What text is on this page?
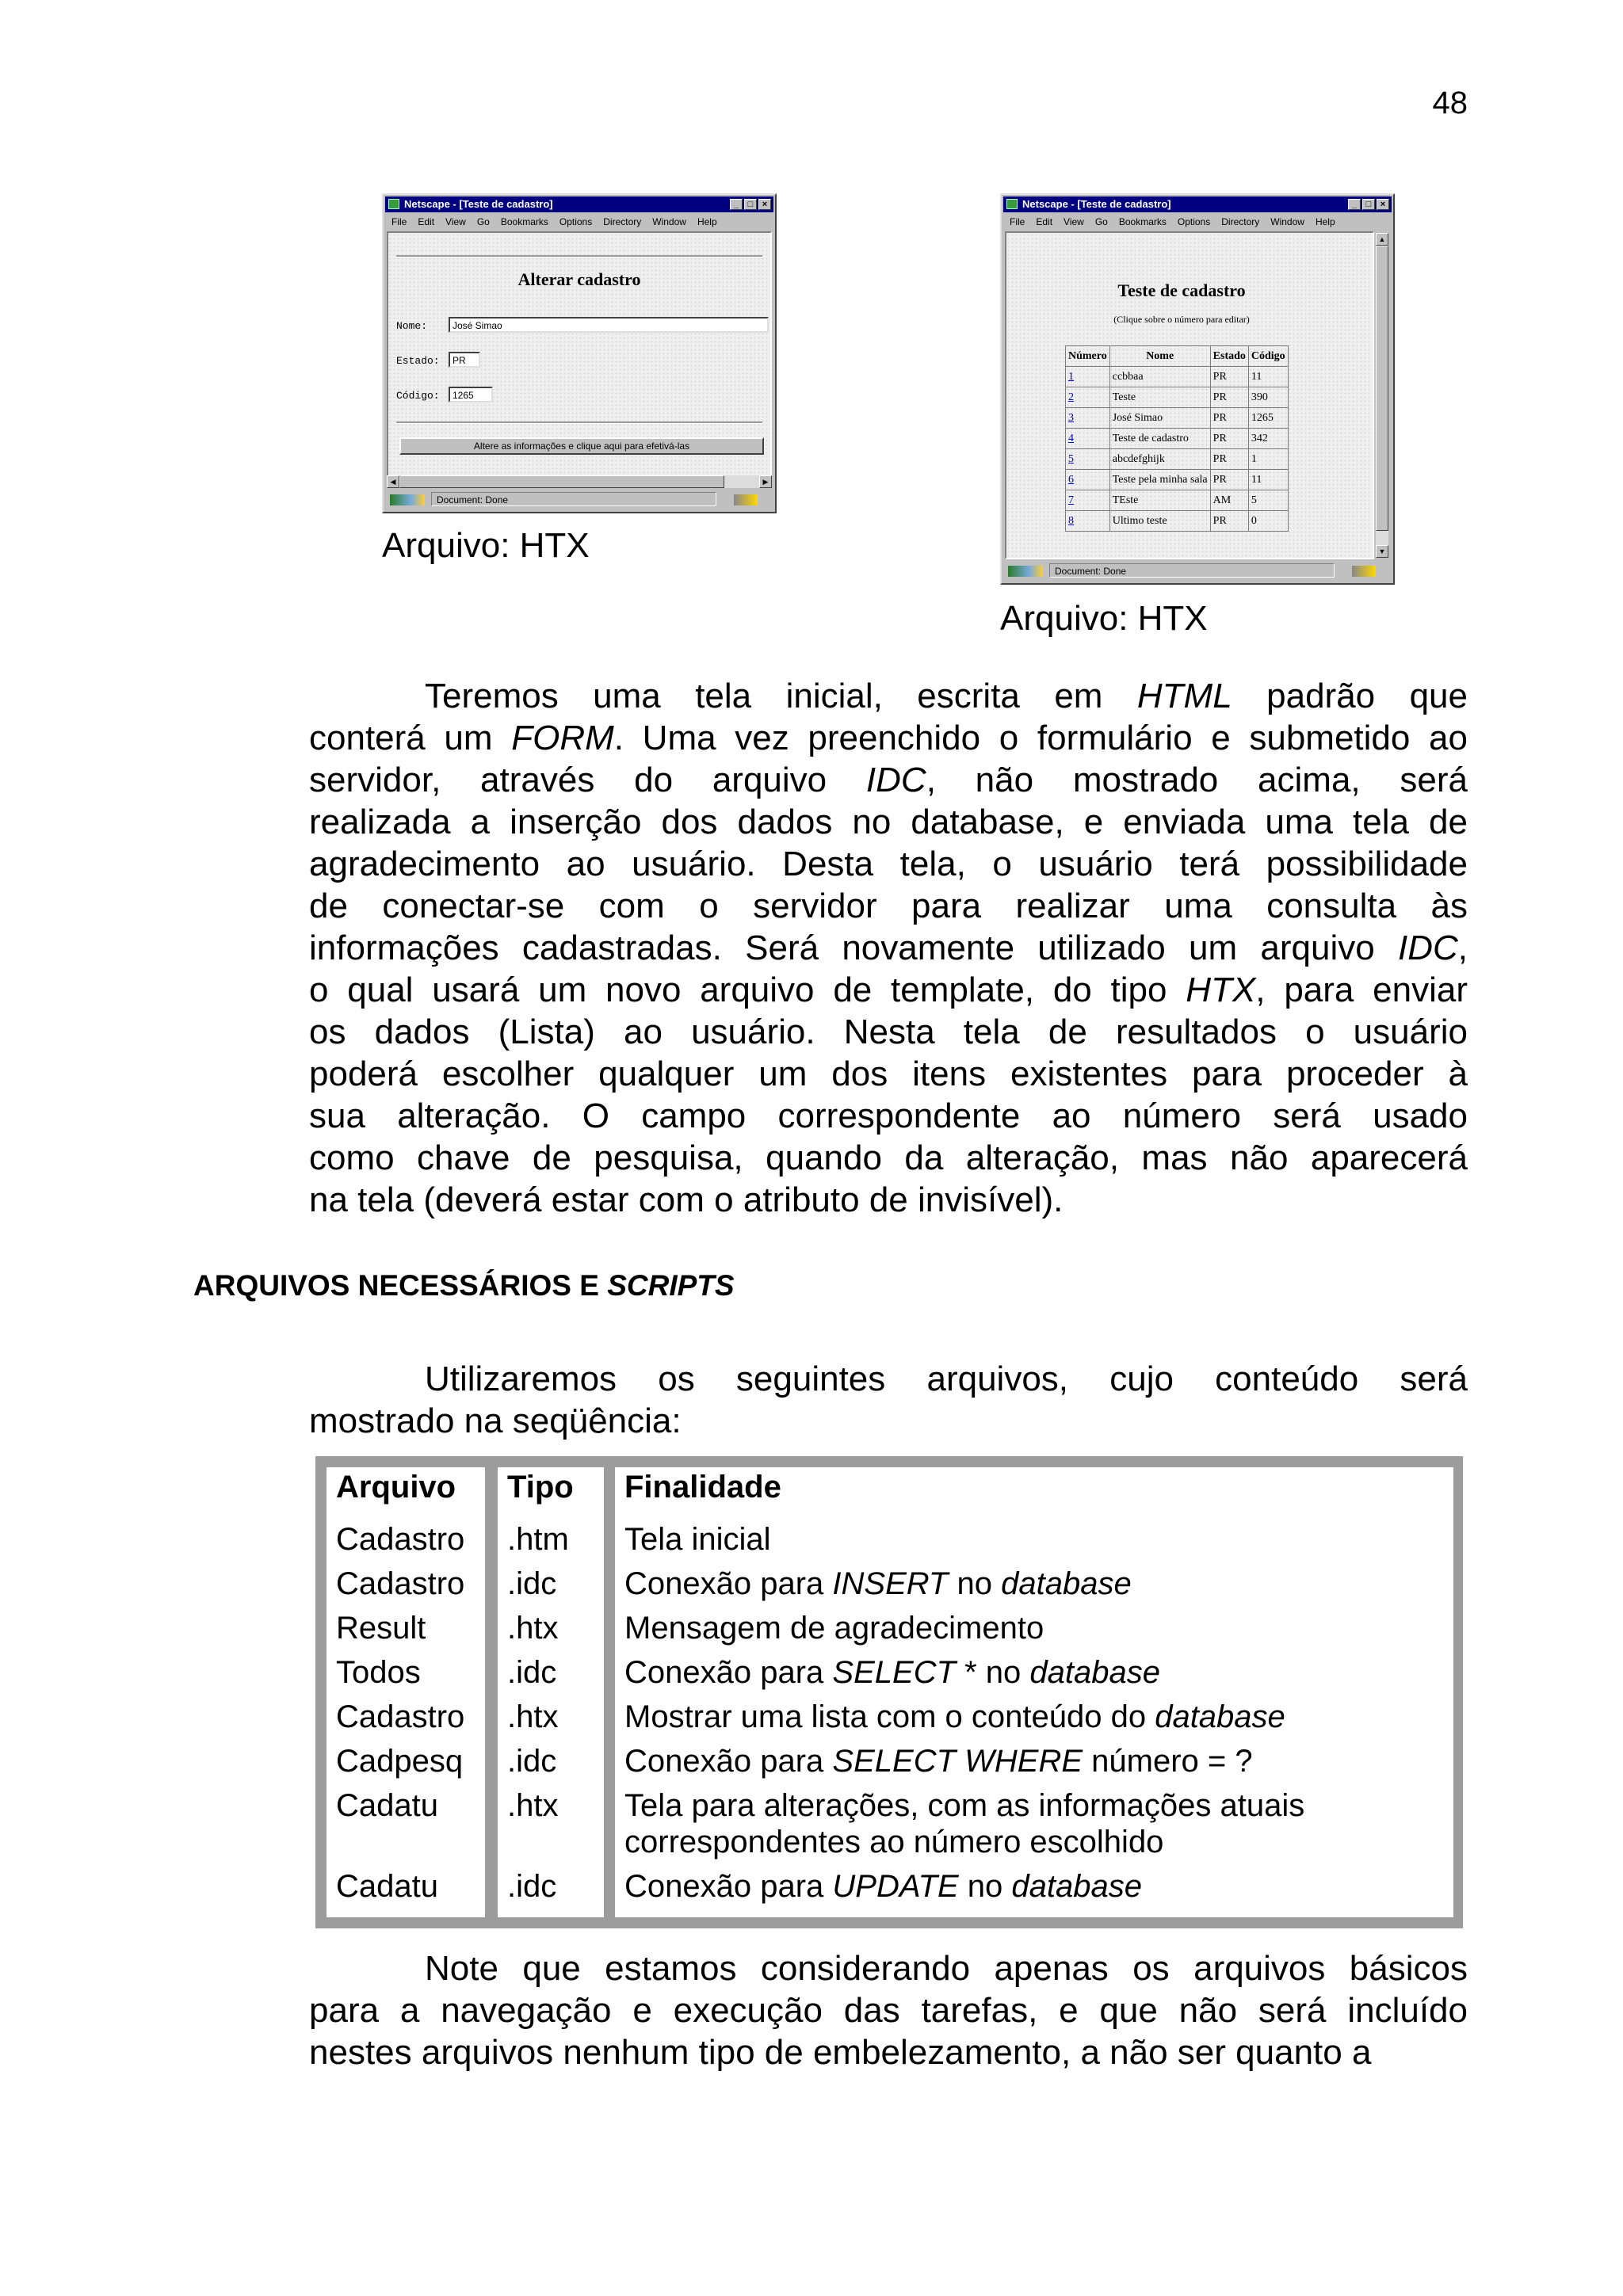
48
Netscape - [Teste de cadastro]	_	□	×
File Edit View Go Bookmarks Options Directory Window Help
Alterar cadastro
Nome:	José Simao
Estado:	PR
Código:	1265
Altere as informações e clique aqui para efetivá-las
◀	▶
Document: Done
Arquivo: HTX
Netscape - [Teste de cadastro]	_	□	×
File Edit View Go Bookmarks Options Directory Window Help
Teste de cadastro
(Clique sobre o número para editar)
Número	Nome	Estado	Código
1	ccbbaa	PR	11
2	Teste	PR	390
3	José Simao	PR	1265
4	Teste de cadastro	PR	342
5	abcdefghijk	PR	1
6	Teste pela minha sala	PR	11
7	TEste	AM	5
8	Ultimo teste	PR	0
▲
▼
Document: Done
Arquivo: HTX
Teremos uma tela inicial, escrita em HTML padrão que
conterá um FORM. Uma vez preenchido o formulário e submetido ao
servidor, através do arquivo IDC, não mostrado acima, será
realizada a inserção dos dados no database, e enviada uma tela de
agradecimento ao usuário. Desta tela, o usuário terá possibilidade
de conectar-se com o servidor para realizar uma consulta às
informações cadastradas. Será novamente utilizado um arquivo IDC,
o qual usará um novo arquivo de template, do tipo HTX, para enviar
os dados (Lista) ao usuário. Nesta tela de resultados o usuário
poderá escolher qualquer um dos itens existentes para proceder à
sua alteração. O campo correspondente ao número será usado
como chave de pesquisa, quando da alteração, mas não aparecerá
na tela (deverá estar com o atributo de invisível).
ARQUIVOS NECESSÁRIOS E SCRIPTS
Utilizaremos os seguintes arquivos, cujo conteúdo será
mostrado na seqüência:
Arquivo Tipo Finalidade
Cadastro .htm Tela inicial
Cadastro .idc Conexão para INSERT no database
Result	.htx Mensagem de agradecimento
Todos	.idc Conexão para SELECT * no database
Cadastro .htx Mostrar uma lista com o conteúdo do database
Cadpesq .idc Conexão para SELECT WHERE número = ?
Cadatu .htx Tela para alterações, com as informações atuais
correspondentes ao número escolhido
Cadatu .idc Conexão para UPDATE no database
Note que estamos considerando apenas os arquivos básicos
para a navegação e execução das tarefas, e que não será incluído
nestes arquivos nenhum tipo de embelezamento, a não ser quanto a
